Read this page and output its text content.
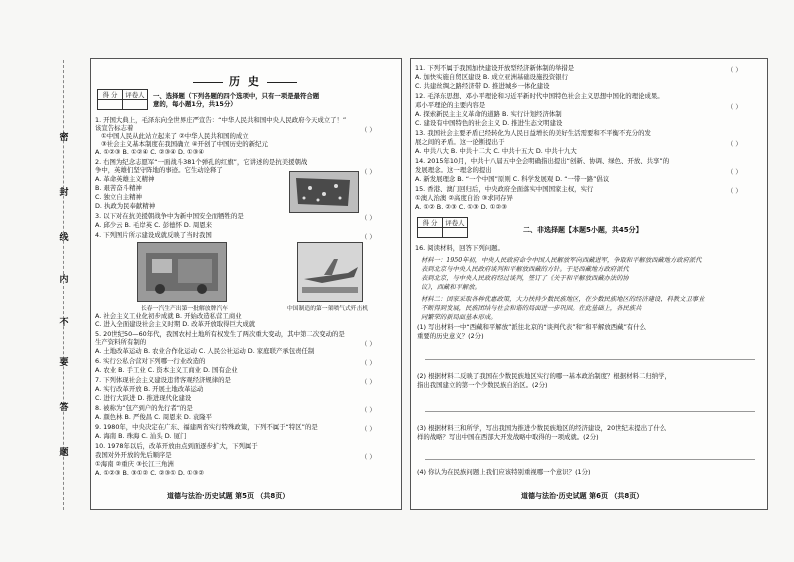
密
封
线
内
不
要
答
题
历 史
得 分	评卷人
	一、选择题（下列各题的四个选项中，只有一项是最符合题
意的，每小题1分，共15分）
1. 开国大典上，毛泽东向全世界庄严宣告：“中华人民共和国中央人民政府今天成立了！”
该宣告标志着
①中国人民从此站立起来了 ②中华人民共和国的成立
③社会主义基本制度在我国确立 ④开创了中国历史的新纪元
A. ①②③ B. ①②④ C. ②③④ D. ①③④
（ ）
2. 右图为纪念志愿军“一面战斗381个弹孔的红旗”，它讲述的是抗美援朝战
争中，英雄们坚守阵地的事迹。它生动诠释了
A. 革命英雄主义精神
B. 艰苦奋斗精神
C. 独立自主精神
D. 执政为民奉献精神
（ ）
3. 以下对在抗美援朝战争中为新中国安全而牺牲的是
A. 邱少云 B. 毛岸英 C. 彭德怀 D. 周恩来
（ ）
4. 下列图片所示建设成就反映了当时我国	（ ）
长春一汽生产出第一批解放牌汽车	中国制造的第一架喷气式歼击机
A. 社会主义工业化初步成就 B. 开始改造私营工商业
C. 进入全面建设社会主义时期 D. 改革开放取得巨大成就
5. 20世纪50—60年代，我国农村土地所有权发生了两次重大变动，其中第二次变动的是
生产资料所有制的
A. 土地改革运动 B. 农业合作化运动 C. 人民公社运动 D. 家庭联产承包责任制
（ ）
6. 实行公私合营对下列哪一行业改造的
A. 农业 B. 手工业 C. 资本主义工商业 D. 国有企业
（ ）
7. 下列体现社会主义建设违背客观经济规律的是
A. 实行改革开放 B. 开展土地改革运动
C. 进行大跃进 D. 推进现代化建设
（ ）
8. 被称为“包产到户的先行者”的是
A. 颜色林 B. 严俊昌 C. 周恩来 D. 袁隆平
（ ）
9. 1980年，中央决定在广东、福建两省实行特殊政策，下列不属于“特区”的是
A. 海南 B. 珠海 C. 汕头 D. 厦门
（ ）
10. 1978年以后，改革开放由点到面逐步扩大，下列属于
我国对外开放的先后顺序是
①海南 ②重庆 ③长江三角洲
A. ①②③ B. ③①② C. ②③① D. ①③②
（ ）
道德与法治·历史试题 第5页 （共8页）
11. 下列不属于我国加快建设开放型经济新体制的举措是
A. 加快实施自贸区建设 B. 成立亚洲基础设施投资银行
C. 共建丝绸之路经济带 D. 推进城乡一体化建设
（ ）
12. 毛泽东思想、邓小平理论和习近平新时代中国特色社会主义思想中国化的理论成果。
邓小平理论的主要内容是
A. 探索新民主主义革命的道路 B. 实行计划经济体制
C. 建设有中国特色的社会主义 D. 推进生态文明建设
（ ）
13. 我国社会主要矛盾已经转化为人民日益增长的美好生活需要和不平衡不充分的发
展之间的矛盾。这一论断提出于
A. 中共八大 B. 中共十二大 C. 中共十五大 D. 中共十九大
（ ）
14. 2015年10月，中共十八届五中全会明确指出提出“创新、协调、绿色、开放、共享”的
发展理念。这一理念的提出
A. 新发展理念 B. “一个中国”原则 C. 科学发展观 D. “一带一路”倡议
（ ）
15. 香港、澳门回归后，中央政府全面落实中国国家主权，实行
①澳人治澳 ②高度自治 ③求同存异
A. ①② B. ②③ C. ①③ D. ①②③
（ ）
得 分	评卷人

二、非选择题【本题5小题，共45分】
16. 阅读材料，回答下列问题。
材料一：1950年初，中央人民政府命令中国人民解放军向西藏进军，争取和平解放西藏地方政府派代
表到北京与中央人民政府谈判和平解放西藏的方针。于是西藏地方政府派代
表到北京，与中央人民政府经过谈判，签订了《关于和平解放西藏办法的协
议》，西藏和平解放。
材料二：国家采取各种优惠政策，大力扶持少数民族地区，在少数民族地区的经济建设、科教文卫事业
不断得到发展，民族团结与社会和谐的局面进一步巩固。在此基础上，各民族共
同繁荣的新局面基本形成。
(1) 写出材料一中“西藏和平解放”派往北京的“谈判代表”和“和平解放西藏”有什么
重要的历史意义？(2分)
(2) 根据材料二反映了我国在少数民族地区实行的哪一基本政治制度？根据材料二归纳学，
指出我国建立的第一个少数民族自治区。(2分)
(3) 根据材料三和所学，写出我国为推进少数民族地区的经济建设，20世纪末提出了什么
样的战略？写出中国在西部大开发战略中取得的一项成就。(2分)
(4) 你认为在民族问题上我们应该特别重视哪一个意识？(1分)
道德与法治·历史试题 第6页 （共8页）
